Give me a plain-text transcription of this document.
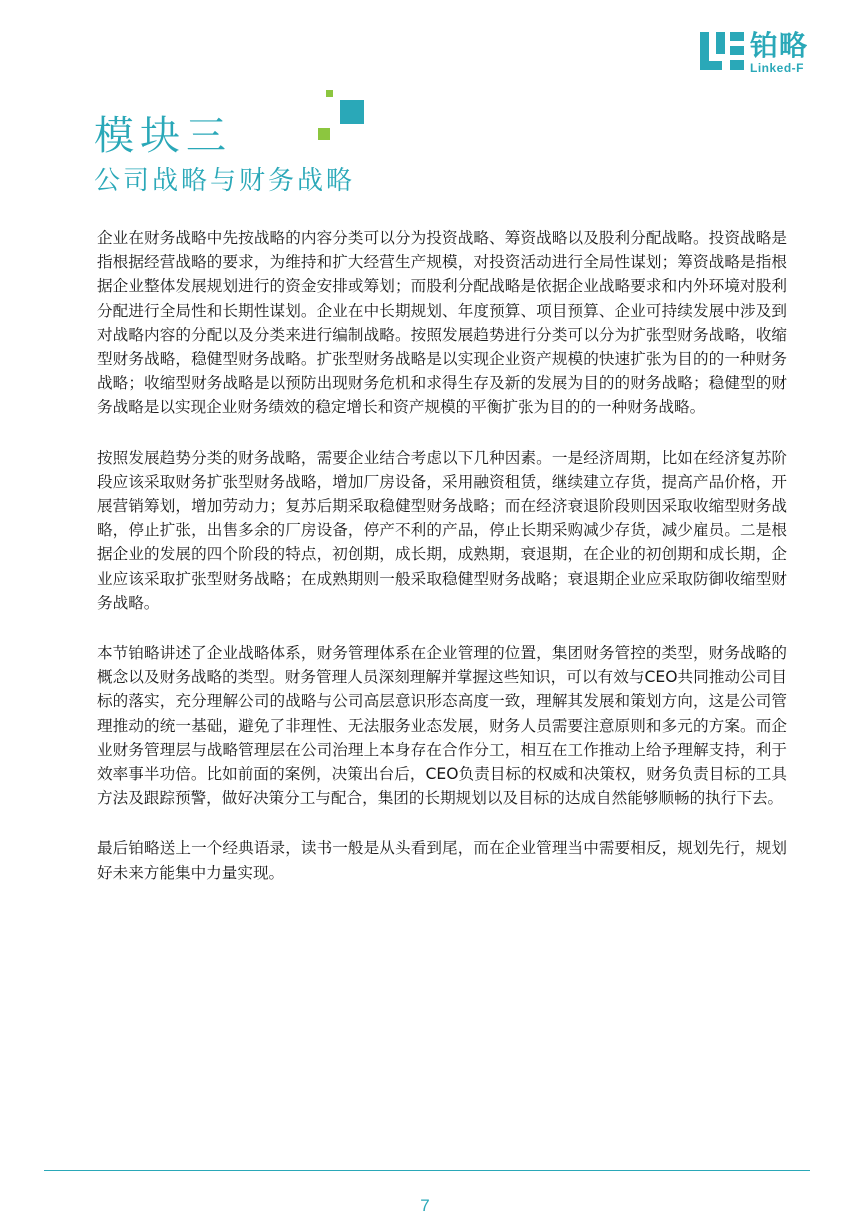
铂略
Linked-F
模块三
公司战略与财务战略

企业在财务战略中先按战略的内容分类可以分为投资战略、筹资战略以及股利分配战略。投资战略是指根据经营战略的要求，为维持和扩大经营生产规模，对投资活动进行全局性谋划；筹资战略是指根据企业整体发展规划进行的资金安排或筹划；而股利分配战略是依据企业战略要求和内外环境对股利分配进行全局性和长期性谋划。企业在中长期规划、年度预算、项目预算、企业可持续发展中涉及到对战略内容的分配以及分类来进行编制战略。按照发展趋势进行分类可以分为扩张型财务战略，收缩型财务战略，稳健型财务战略。扩张型财务战略是以实现企业资产规模的快速扩张为目的的一种财务战略；收缩型财务战略是以预防出现财务危机和求得生存及新的发展为目的的财务战略；稳健型的财务战略是以实现企业财务绩效的稳定增长和资产规模的平衡扩张为目的的一种财务战略。

按照发展趋势分类的财务战略，需要企业结合考虑以下几种因素。一是经济周期，比如在经济复苏阶段应该采取财务扩张型财务战略，增加厂房设备，采用融资租赁，继续建立存货，提高产品价格，开展营销筹划，增加劳动力；复苏后期采取稳健型财务战略；而在经济衰退阶段则因采取收缩型财务战略，停止扩张，出售多余的厂房设备，停产不利的产品，停止长期采购减少存货，减少雇员。二是根据企业的发展的四个阶段的特点，初创期，成长期，成熟期，衰退期，在企业的初创期和成长期，企业应该采取扩张型财务战略；在成熟期则一般采取稳健型财务战略；衰退期企业应采取防御收缩型财务战略。

本节铂略讲述了企业战略体系，财务管理体系在企业管理的位置，集团财务管控的类型，财务战略的概念以及财务战略的类型。财务管理人员深刻理解并掌握这些知识，可以有效与CEO共同推动公司目标的落实，充分理解公司的战略与公司高层意识形态高度一致，理解其发展和策划方向，这是公司管理推动的统一基础，避免了非理性、无法服务业态发展，财务人员需要注意原则和多元的方案。而企业财务管理层与战略管理层在公司治理上本身存在合作分工，相互在工作推动上给予理解支持，利于效率事半功倍。比如前面的案例，决策出台后，CEO负责目标的权威和决策权，财务负责目标的工具方法及跟踪预警，做好决策分工与配合，集团的长期规划以及目标的达成自然能够顺畅的执行下去。

最后铂略送上一个经典语录，读书一般是从头看到尾，而在企业管理当中需要相反，规划先行，规划好未来方能集中力量实现。

7
